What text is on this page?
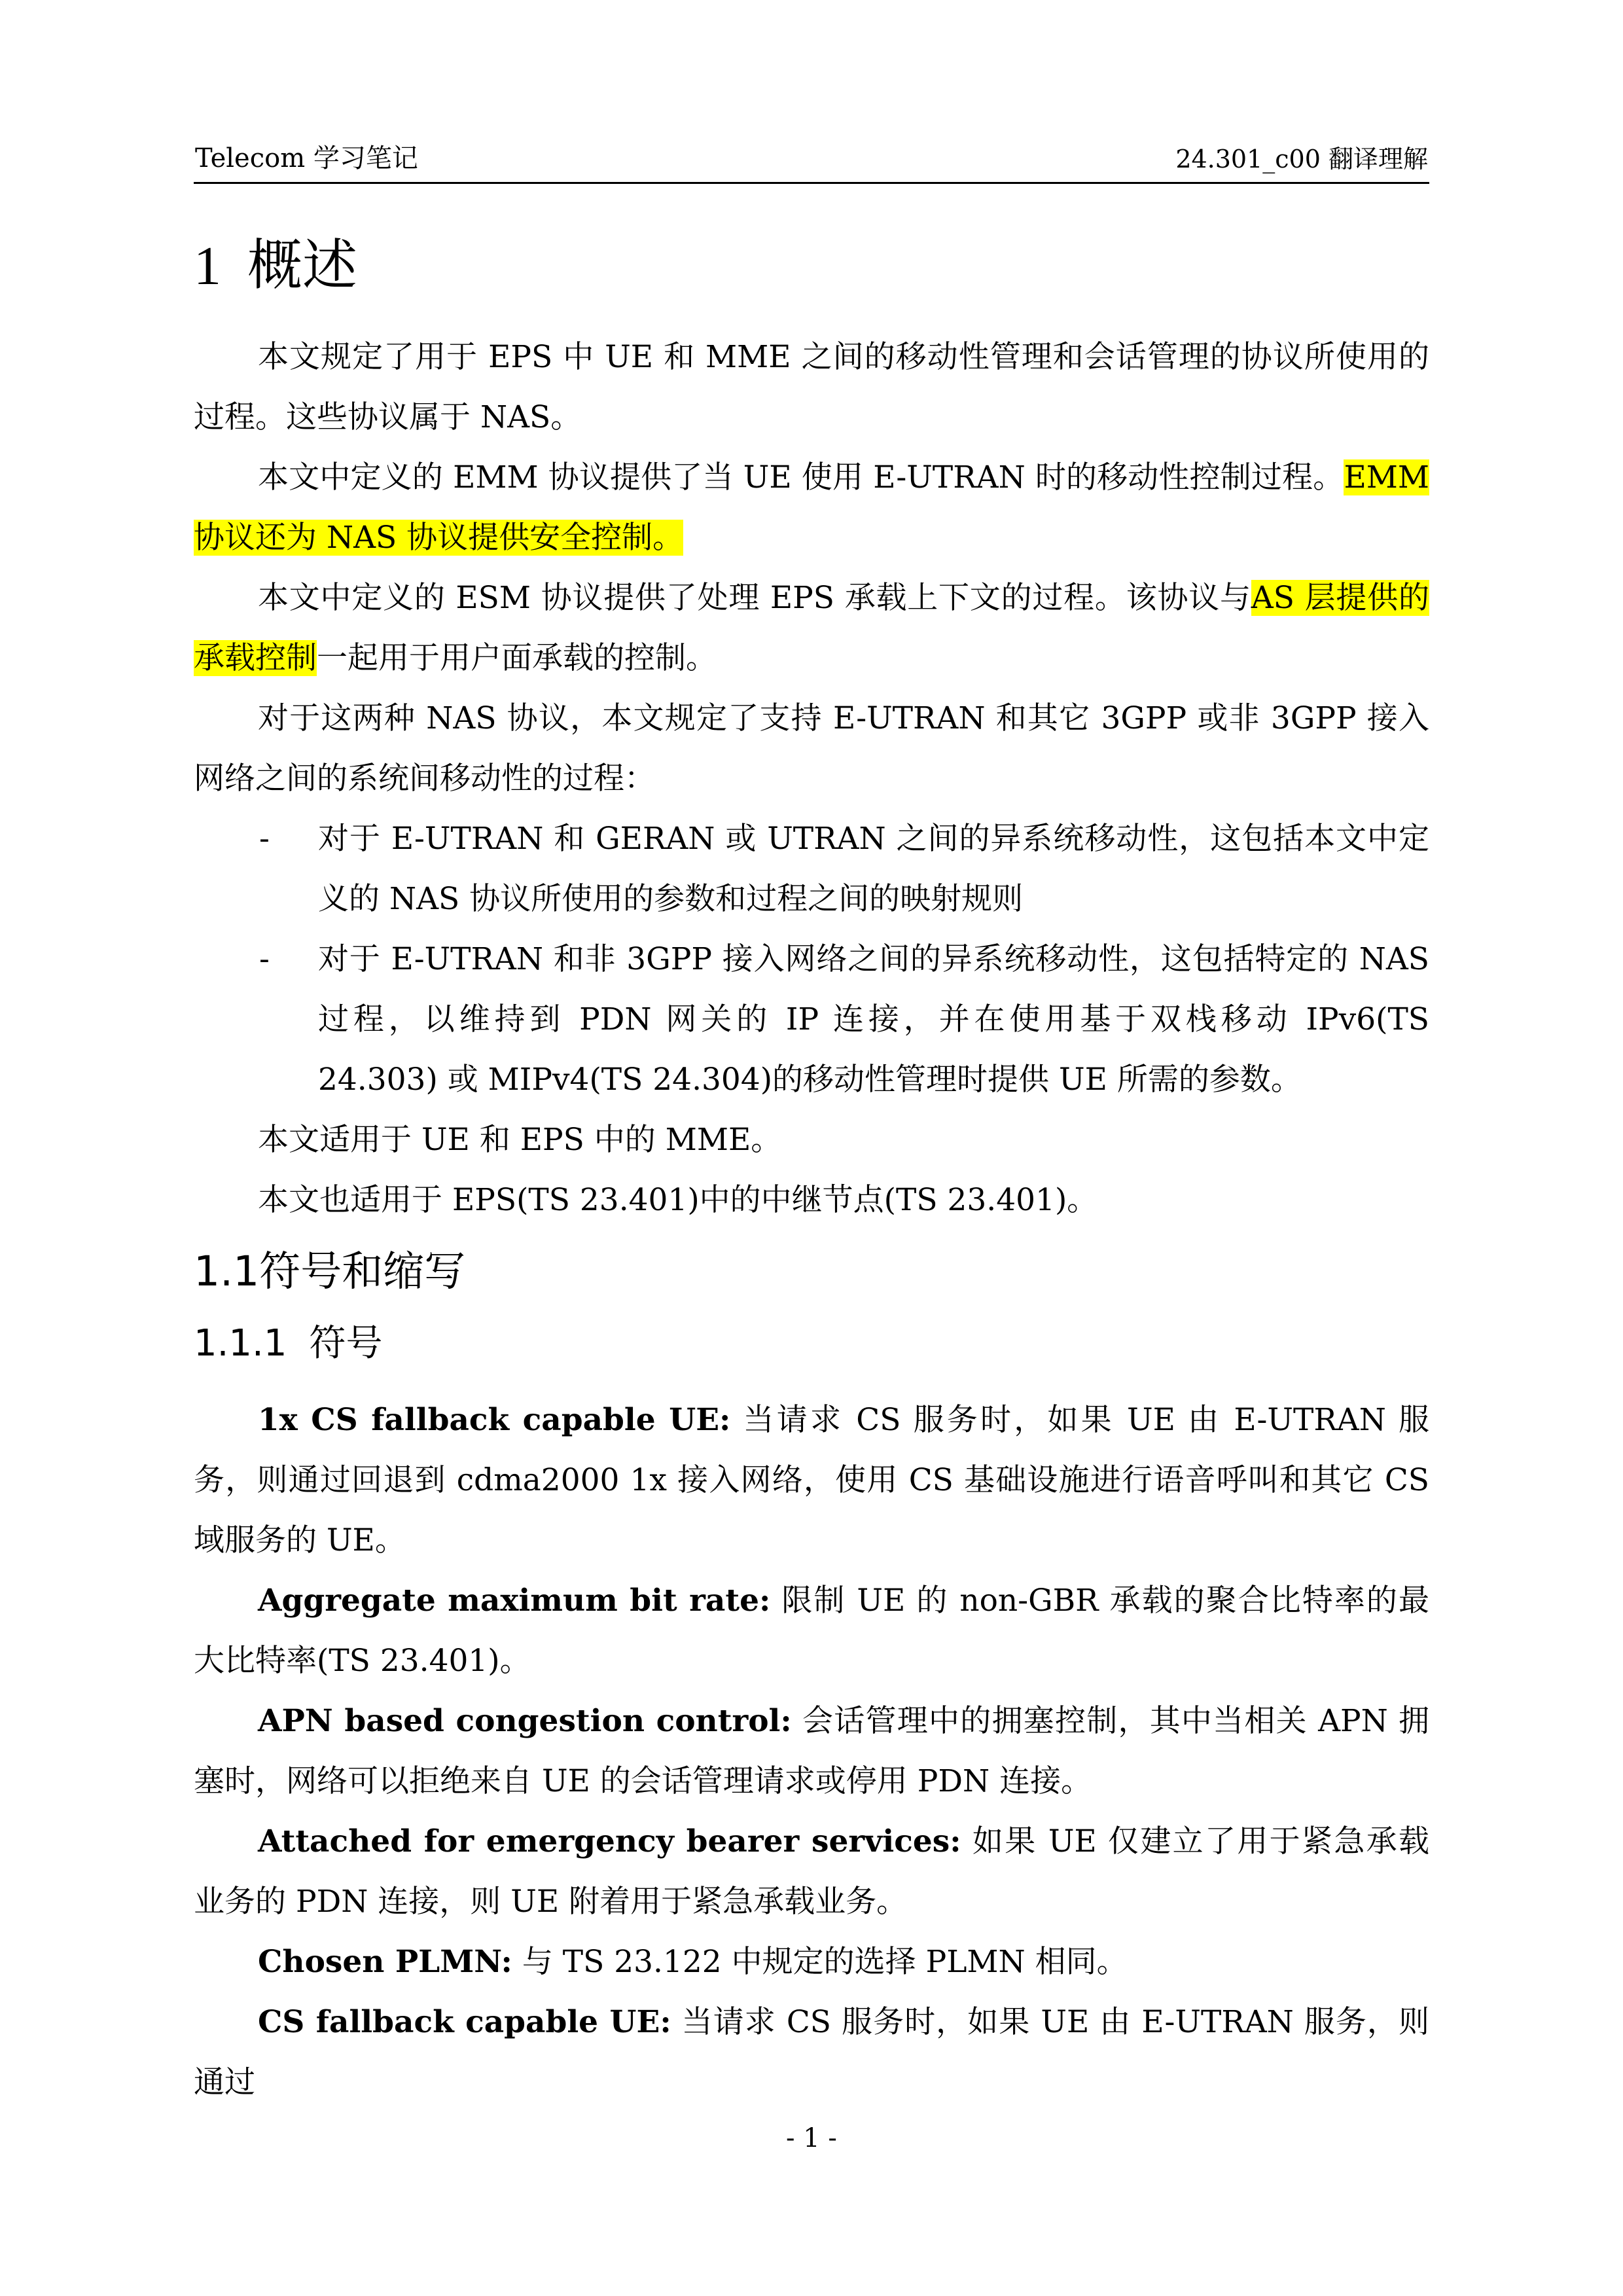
Telecom 学习笔记	24.301_c00 翻译理解
1 概述

本文规定了用于 EPS 中 UE 和 MME 之间的移动性管理和会话管理的协议所使用的过程。这些协议属于 NAS。

本文中定义的 EMM 协议提供了当 UE 使用 E-UTRAN 时的移动性控制过程。EMM 协议还为 NAS 协议提供安全控制。

本文中定义的 ESM 协议提供了处理 EPS 承载上下文的过程。该协议与AS 层提供的承载控制一起用于用户面承载的控制。

对于这两种 NAS 协议，本文规定了支持 E-UTRAN 和其它 3GPP 或非 3GPP 接入网络之间的系统间移动性的过程：

- 对于 E-UTRAN 和 GERAN 或 UTRAN 之间的异系统移动性，这包括本文中定义的 NAS 协议所使用的参数和过程之间的映射规则
- 对于 E-UTRAN 和非 3GPP 接入网络之间的异系统移动性，这包括特定的 NAS 过程，以维持到 PDN 网关的 IP 连接，并在使用基于双栈移动 IPv6(TS 24.303) 或 MIPv4(TS 24.304)的移动性管理时提供 UE 所需的参数。

本文适用于 UE 和 EPS 中的 MME。

本文也适用于 EPS(TS 23.401)中的中继节点(TS 23.401)。

1.1符号和缩写
1.1.1 符号

1x CS fallback capable UE: 当请求 CS 服务时，如果 UE 由 E-UTRAN 服务，则通过回退到 cdma2000 1x 接入网络，使用 CS 基础设施进行语音呼叫和其它 CS 域服务的 UE。

Aggregate maximum bit rate: 限制 UE 的 non-GBR 承载的聚合比特率的最大比特率(TS 23.401)。

APN based congestion control: 会话管理中的拥塞控制，其中当相关 APN 拥塞时，网络可以拒绝来自 UE 的会话管理请求或停用 PDN 连接。

Attached for emergency bearer services: 如果 UE 仅建立了用于紧急承载业务的 PDN 连接，则 UE 附着用于紧急承载业务。

Chosen PLMN: 与 TS 23.122 中规定的选择 PLMN 相同。

CS fallback capable UE: 当请求 CS 服务时，如果 UE 由 E-UTRAN 服务，则通过

- 1 -
